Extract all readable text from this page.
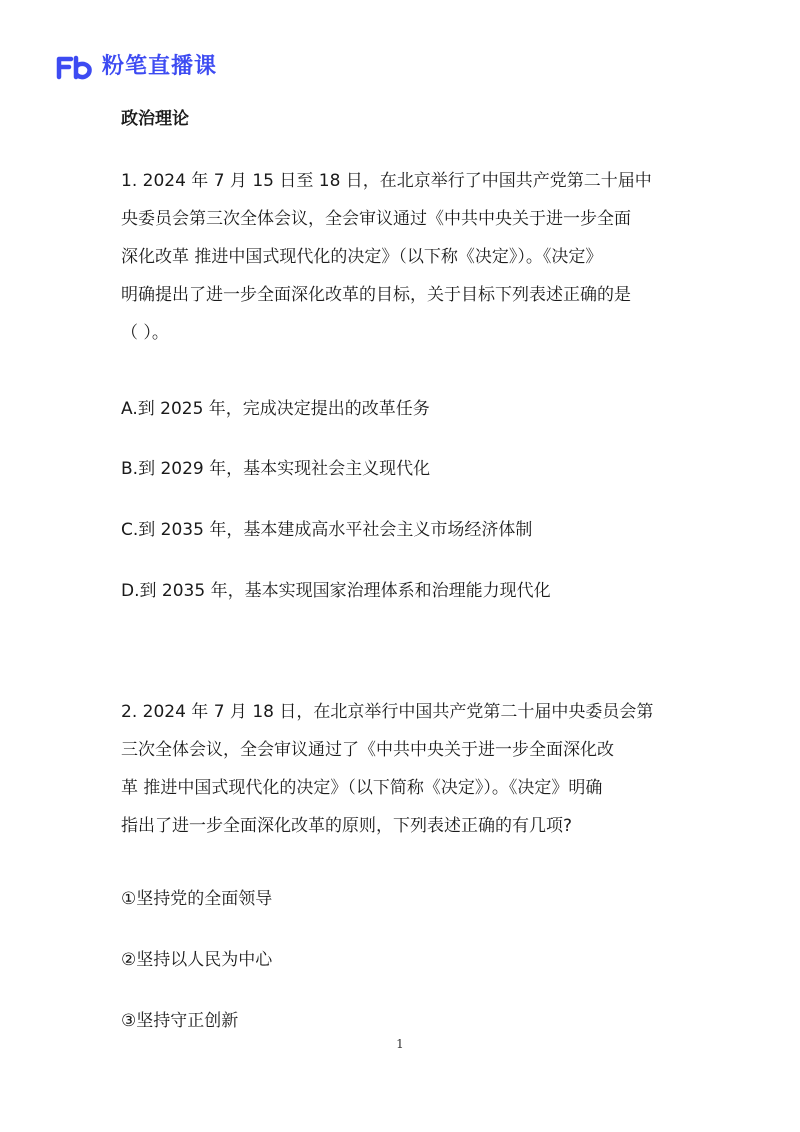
粉笔直播课
政治理论
1. 2024 年 7 月 15 日至 18 日，在北京举行了中国共产党第二十届中
央委员会第三次全体会议，全会审议通过《中共中央关于进一步全面
深化改革 推进中国式现代化的决定》（以下称《决定》）。《决定》
明确提出了进一步全面深化改革的目标，关于目标下列表述正确的是
（ ）。

A.到 2025 年，完成决定提出的改革任务

B.到 2029 年，基本实现社会主义现代化

C.到 2035 年，基本建成高水平社会主义市场经济体制

D.到 2035 年，基本实现国家治理体系和治理能力现代化

2. 2024 年 7 月 18 日，在北京举行中国共产党第二十届中央委员会第
三次全体会议，全会审议通过了《中共中央关于进一步全面深化改
革 推进中国式现代化的决定》（以下简称《决定》）。《决定》明确
指出了进一步全面深化改革的原则，下列表述正确的有几项?

①坚持党的全面领导

②坚持以人民为中心

③坚持守正创新

1
